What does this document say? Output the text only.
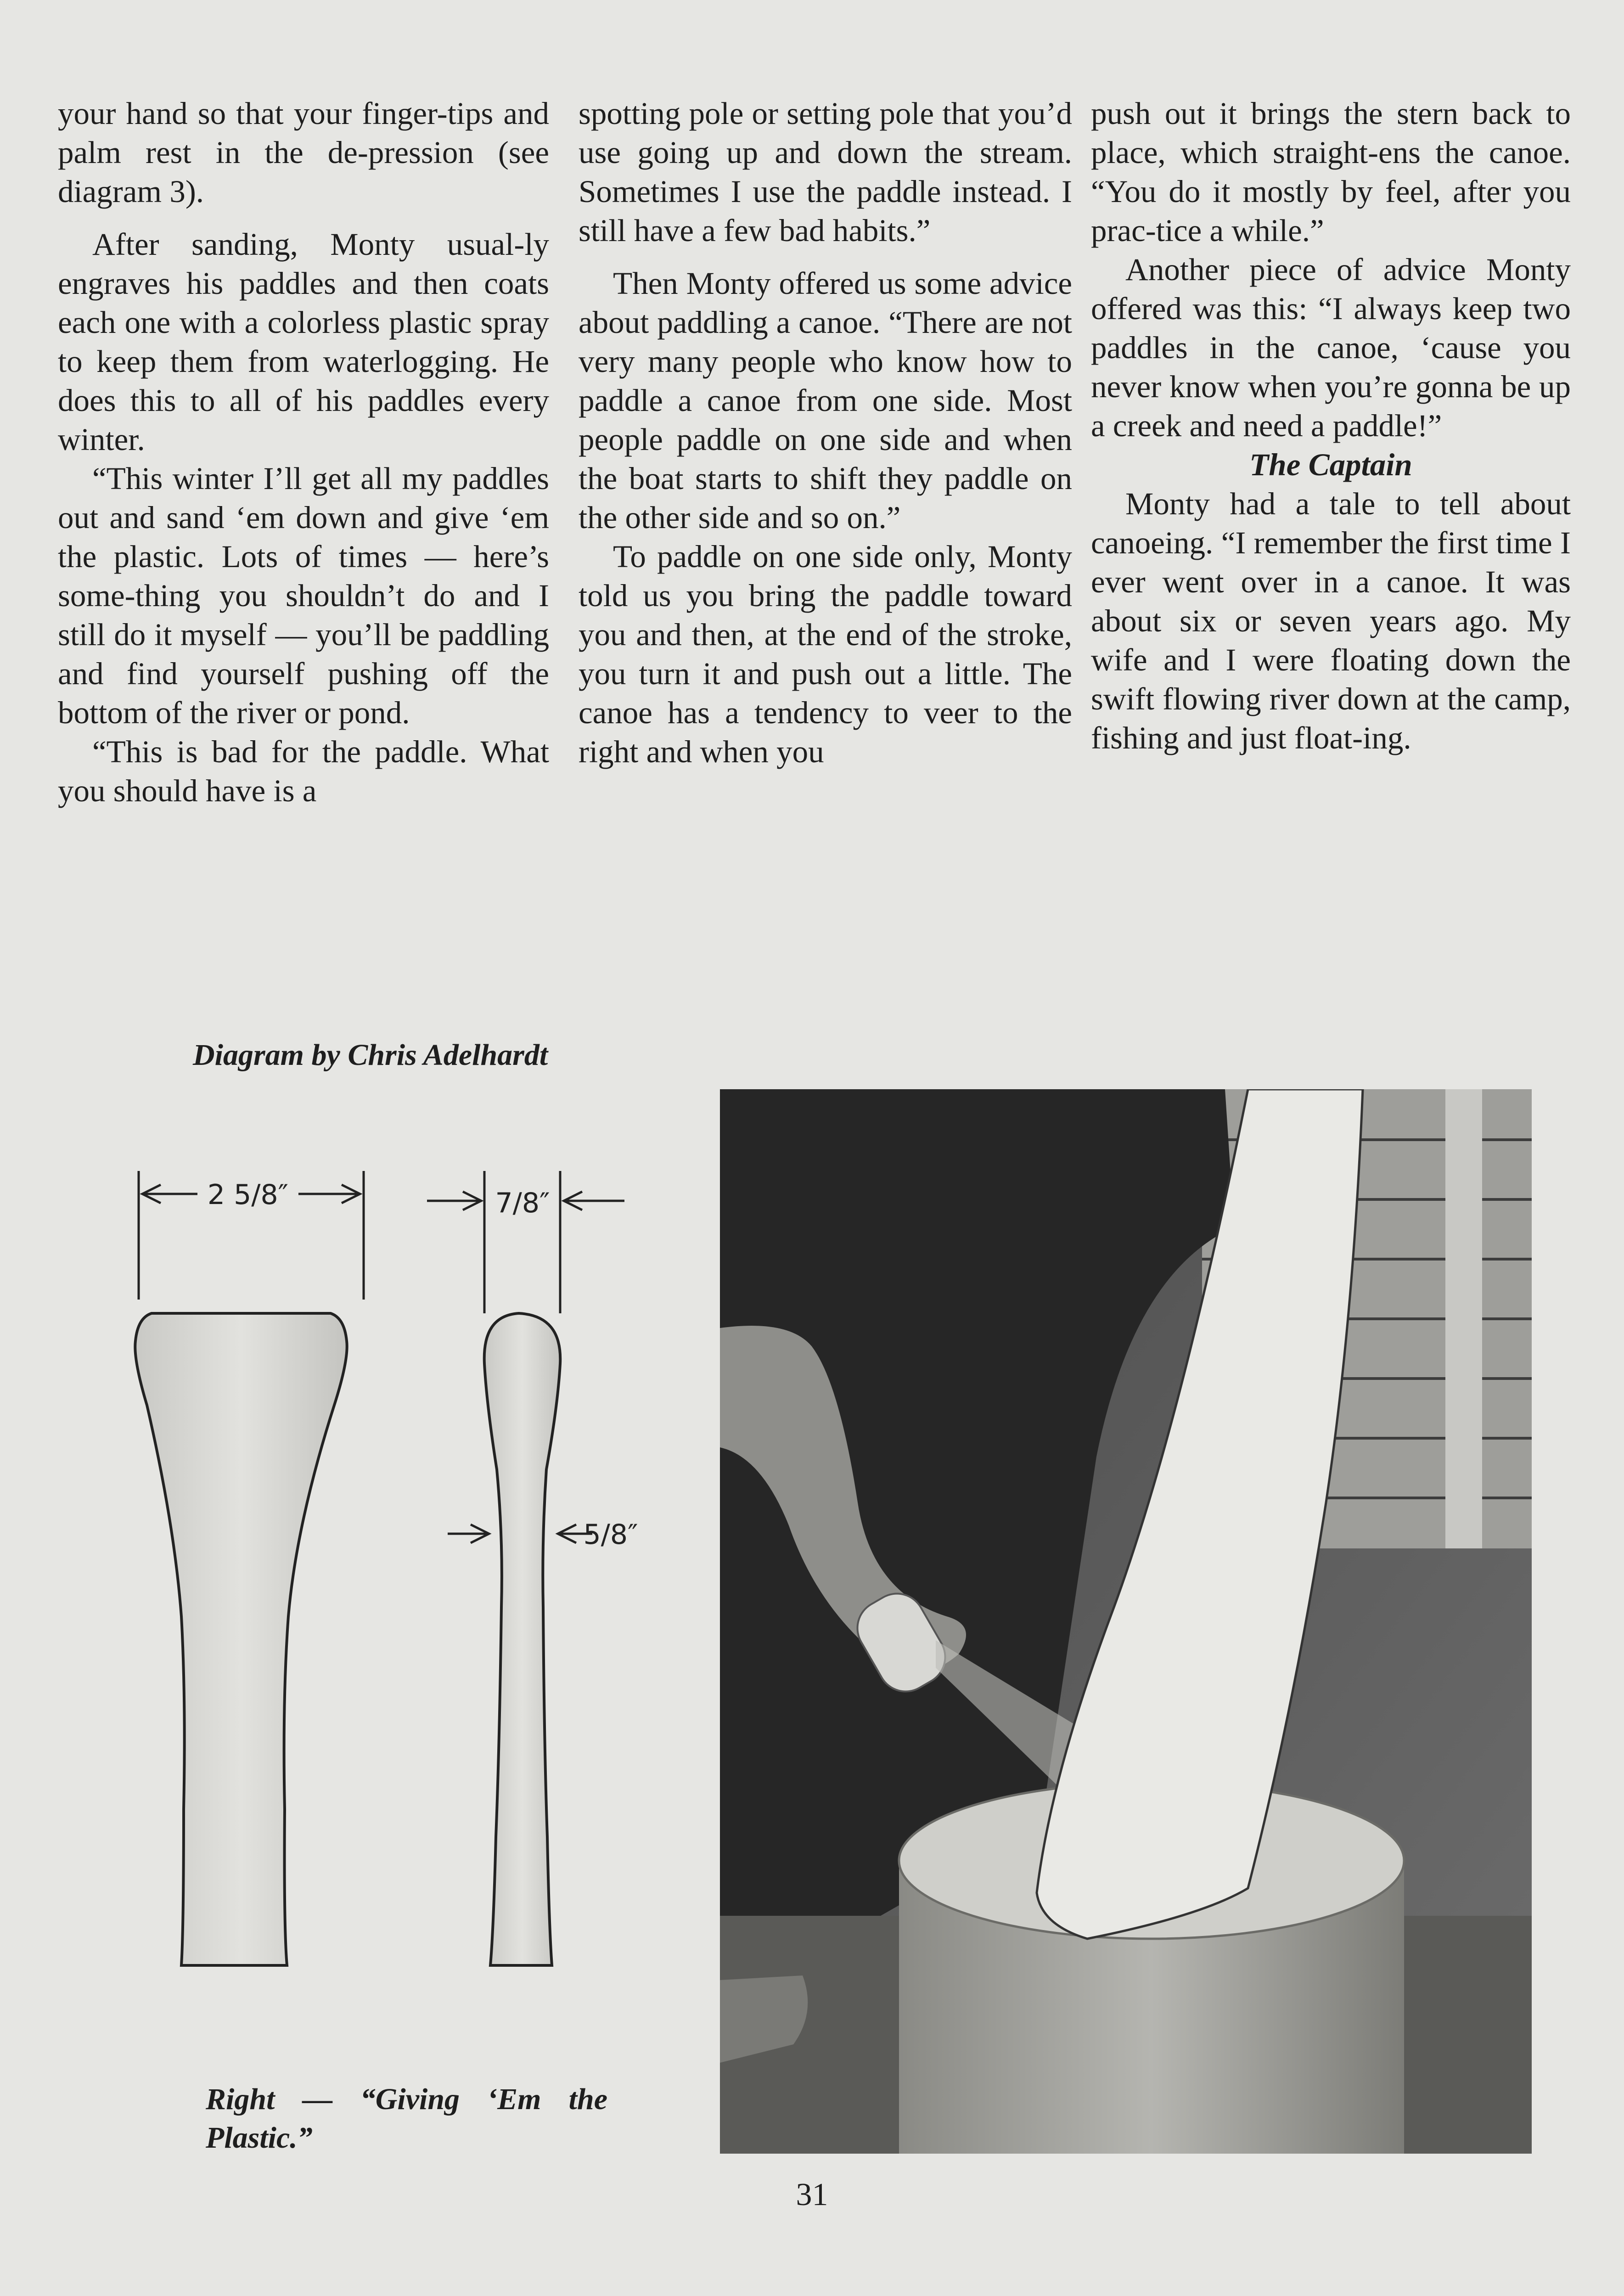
your hand so that your finger-tips and palm rest in the de-pression (see diagram 3).

After sanding, Monty usual-ly engraves his paddles and then coats each one with a colorless plastic spray to keep them from waterlogging. He does this to all of his paddles every winter.

“This winter I’ll get all my paddles out and sand ‘em down and give ‘em the plastic. Lots of times — here’s some-thing you shouldn’t do and I still do it myself — you’ll be paddling and find yourself pushing off the bottom of the river or pond.

“This is bad for the paddle. What you should have is a

spotting pole or setting pole that you’d use going up and down the stream. Sometimes I use the paddle instead. I still have a few bad habits.”

Then Monty offered us some advice about paddling a canoe. “There are not very many people who know how to paddle a canoe from one side. Most people paddle on one side and when the boat starts to shift they paddle on the other side and so on.”

To paddle on one side only, Monty told us you bring the paddle toward you and then, at the end of the stroke, you turn it and push out a little. The canoe has a tendency to veer to the right and when you

push out it brings the stern back to place, which straight-ens the canoe. “You do it mostly by feel, after you prac-tice a while.”

Another piece of advice Monty offered was this: “I always keep two paddles in the canoe, ‘cause you never know when you’re gonna be up a creek and need a paddle!”

The Captain

Monty had a tale to tell about canoeing. “I remember the first time I ever went over in a canoe. It was about six or seven years ago. My wife and I were floating down the swift flowing river down at the camp, fishing and just float-ing.

Diagram by Chris Adelhardt
2 5/8″	7/8″
5/8″
Right — “Giving ‘Em the Plastic.”
31
